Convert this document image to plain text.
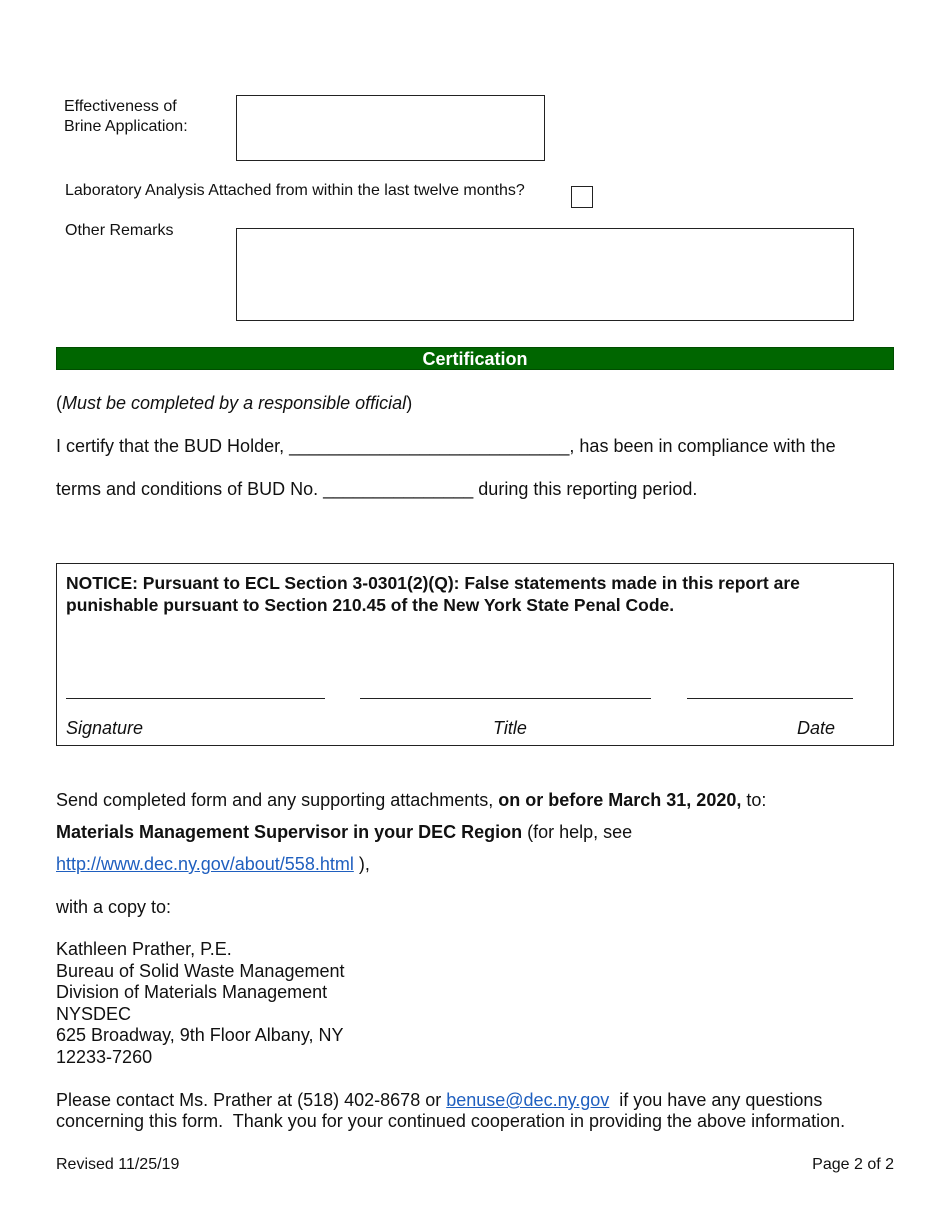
Effectiveness of
Brine Application:
Laboratory Analysis Attached from within the last twelve months?
Other Remarks
Certification
(Must be completed by a responsible official)
I certify that the BUD Holder, ____________________________, has been in compliance with the
terms and conditions of BUD No. _______________ during this reporting period.
NOTICE: Pursuant to ECL Section 3-0301(2)(Q): False statements made in this report are punishable pursuant to Section 210.45 of the New York State Penal Code.
Signature	Title	Date
Send completed form and any supporting attachments, on or before March 31, 2020, to:
Materials Management Supervisor in your DEC Region (for help, see
http://www.dec.ny.gov/about/558.html ),
with a copy to:
Kathleen Prather, P.E.
Bureau of Solid Waste Management
Division of Materials Management
NYSDEC
625 Broadway, 9th Floor Albany, NY
12233-7260
Please contact Ms. Prather at (518) 402-8678 or benuse@dec.ny.gov  if you have any questions
concerning this form.  Thank you for your continued cooperation in providing the above information.
Revised 11/25/19	Page 2 of 2
